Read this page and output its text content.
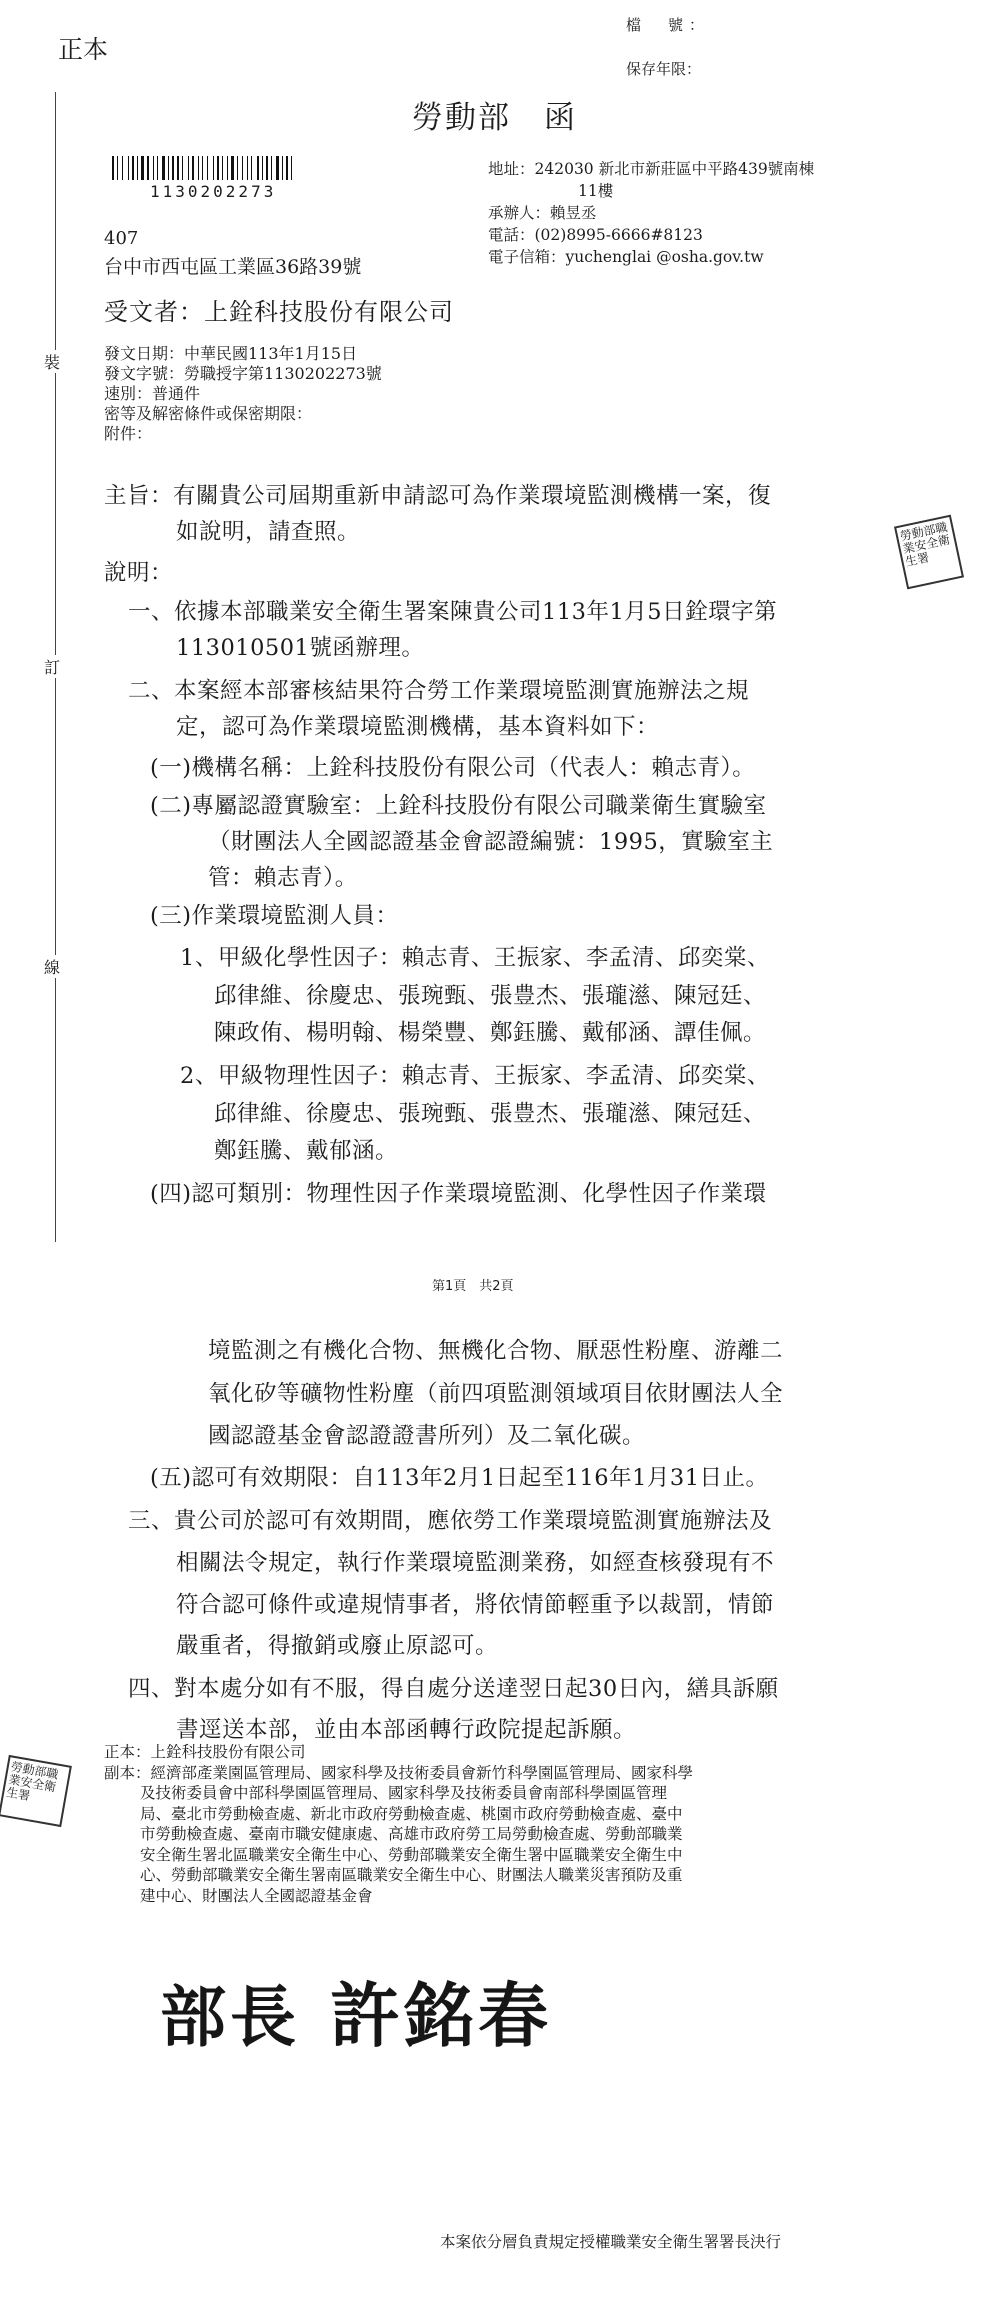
正本
檔　號：
保存年限：
勞動部　函
1130202273
407
台中市西屯區工業區36路39號
地址：242030 新北市新莊區中平路439號南棟
11樓
承辦人：賴昱丞
電話：(02)8995-6666#8123
電子信箱：yuchenglai @osha.gov.tw
裝
訂
線
受文者：上銓科技股份有限公司
發文日期：中華民國113年1月15日
發文字號：勞職授字第1130202273號
速別：普通件
密等及解密條件或保密期限：
附件：
主旨：有關貴公司屆期重新申請認可為作業環境監測機構一案，復
如說明，請查照。
說明：
一、依據本部職業安全衛生署案陳貴公司113年1月5日銓環字第
113010501號函辦理。
二、本案經本部審核結果符合勞工作業環境監測實施辦法之規
定，認可為作業環境監測機構，基本資料如下：
(一)機構名稱：上銓科技股份有限公司（代表人：賴志青）。
(二)專屬認證實驗室：上銓科技股份有限公司職業衛生實驗室
（財團法人全國認證基金會認證編號：1995，實驗室主
管：賴志青）。
(三)作業環境監測人員：
1、甲級化學性因子：賴志青、王振家、李孟清、邱奕棠、
邱律維、徐慶忠、張琬甄、張豊杰、張瓏濨、陳冠廷、
陳政侑、楊明翰、楊榮豐、鄭鈺騰、戴郁涵、譚佳佩。
2、甲級物理性因子：賴志青、王振家、李孟清、邱奕棠、
邱律維、徐慶忠、張琬甄、張豊杰、張瓏濨、陳冠廷、
鄭鈺騰、戴郁涵。
(四)認可類別：物理性因子作業環境監測、化學性因子作業環
第1頁　共2頁
境監測之有機化合物、無機化合物、厭惡性粉塵、游離二
氧化矽等礦物性粉塵（前四項監測領域項目依財團法人全
國認證基金會認證證書所列）及二氧化碳。
(五)認可有效期限：自113年2月1日起至116年1月31日止。
三、貴公司於認可有效期間，應依勞工作業環境監測實施辦法及
相關法令規定，執行作業環境監測業務，如經查核發現有不
符合認可條件或違規情事者，將依情節輕重予以裁罰，情節
嚴重者，得撤銷或廢止原認可。
四、對本處分如有不服，得自處分送達翌日起30日內，繕具訴願
書逕送本部，並由本部函轉行政院提起訴願。
正本：上銓科技股份有限公司
副本：經濟部產業園區管理局、國家科學及技術委員會新竹科學園區管理局、國家科學
及技術委員會中部科學園區管理局、國家科學及技術委員會南部科學園區管理
局、臺北市勞動檢查處、新北市政府勞動檢查處、桃園市政府勞動檢查處、臺中
市勞動檢查處、臺南市職安健康處、高雄市政府勞工局勞動檢查處、勞動部職業
安全衛生署北區職業安全衛生中心、勞動部職業安全衛生署中區職業安全衛生中
心、勞動部職業安全衛生署南區職業安全衛生中心、財團法人職業災害預防及重
建中心、財團法人全國認證基金會
部長 許銘春
本案依分層負責規定授權職業安全衛生署署長決行
勞動部職業安全衛生署
勞動部職業安全衛生署
